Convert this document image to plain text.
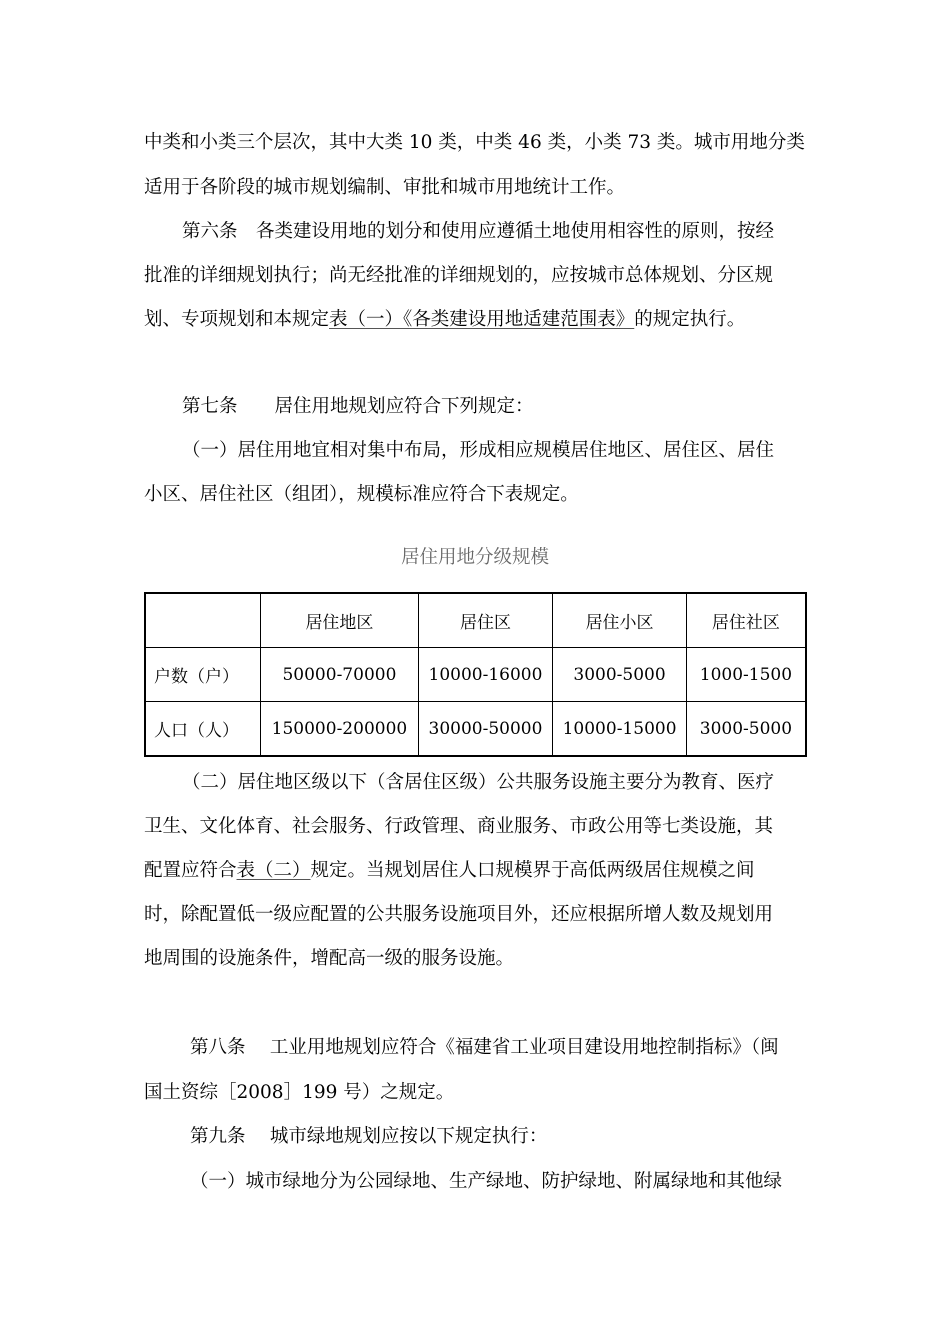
中类和小类三个层次，其中大类 10 类，中类 46 类，小类 73 类。城市用地分类
适用于各阶段的城市规划编制、审批和城市用地统计工作。
第六条　各类建设用地的划分和使用应遵循土地使用相容性的原则，按经
批准的详细规划执行；尚无经批准的详细规划的，应按城市总体规划、分区规
划、专项规划和本规定表（一）《各类建设用地适建范围表》的规定执行。
第七条　　居住用地规划应符合下列规定：
（一）居住用地宜相对集中布局，形成相应规模居住地区、居住区、居住
小区、居住社区（组团），规模标准应符合下表规定。
居住用地分级规模
	居住地区	居住区	居住小区	居住社区
户数（户）	50000-70000	10000-16000	3000-5000	1000-1500
人口（人）	150000-200000	30000-50000	10000-15000	3000-5000
（二）居住地区级以下（含居住区级）公共服务设施主要分为教育、医疗
卫生、文化体育、社会服务、行政管理、商业服务、市政公用等七类设施，其
配置应符合表（二）规定。当规划居住人口规模界于高低两级居住规模之间
时，除配置低一级应配置的公共服务设施项目外，还应根据所增人数及规划用
地周围的设施条件，增配高一级的服务设施。
第八条　 工业用地规划应符合《福建省工业项目建设用地控制指标》（闽
国土资综［2008］199 号）之规定。
第九条　 城市绿地规划应按以下规定执行：
（一）城市绿地分为公园绿地、生产绿地、防护绿地、附属绿地和其他绿
